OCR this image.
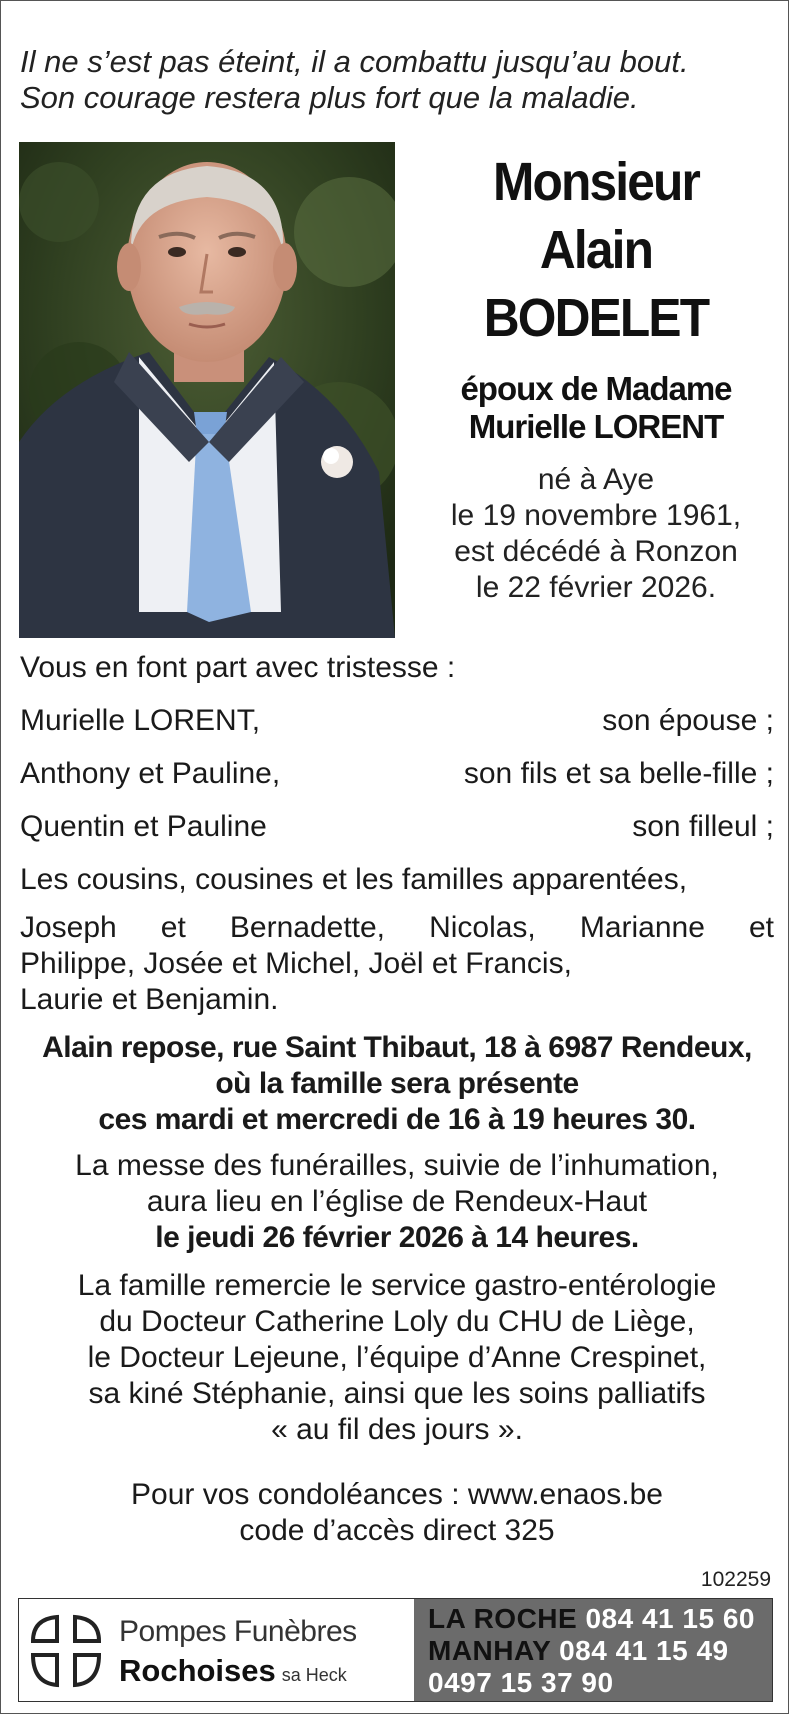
Il ne s’est pas éteint, il a combattu jusqu’au bout.
Son courage restera plus fort que la maladie.
Monsieur
Alain
BODELET
époux de Madame
Murielle LORENT
né à Aye
le 19 novembre 1961,
est décédé à Ronzon
le 22 février 2026.
Vous en font part avec tristesse :
Murielle LORENT,	son épouse ;
Anthony et Pauline,	son fils et sa belle-fille ;
Quentin et Pauline	son filleul ;
Les cousins, cousines et les familles apparentées,
Joseph et Bernadette, Nicolas, Marianne et
Philippe, Josée et Michel, Joël et Francis,
Laurie et Benjamin.
Alain repose, rue Saint Thibaut, 18 à 6987 Rendeux,
où la famille sera présente
ces mardi et mercredi de 16 à 19 heures 30.
La messe des funérailles, suivie de l’inhumation,
aura lieu en l’église de Rendeux-Haut
le jeudi 26 février 2026 à 14 heures.
La famille remercie le service gastro-entérologie
du Docteur Catherine Loly du CHU de Liège,
le Docteur Lejeune, l’équipe d’Anne Crespinet,
sa kiné Stéphanie, ainsi que les soins palliatifs
« au fil des jours ».
Pour vos condoléances : www.enaos.be
code d’accès direct 325
102259
Pompes Funèbres
Rochoises sa Heck
LA ROCHE 084 41 15 60
MANHAY 084 41 15 49
0497 15 37 90
